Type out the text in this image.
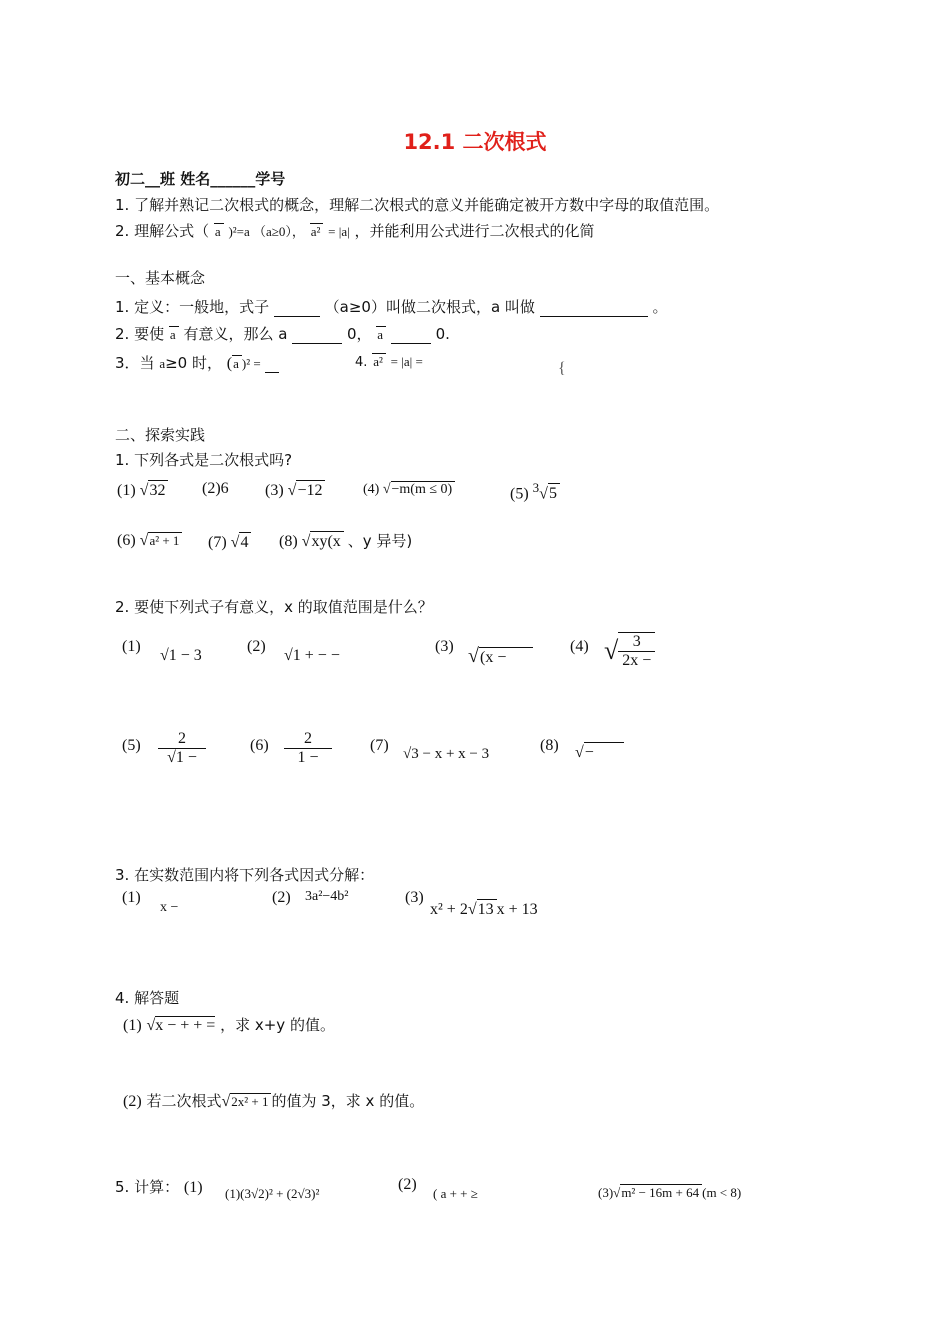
12.1 二次根式
初二__班 姓名______学号
1. 了解并熟记二次根式的概念，理解二次根式的意义并能确定被开方数中字母的取值范围。
2. 理解公式（ a )²=a （a≥0）， a² = |a| ，并能利用公式进行二次根式的化简
一、基本概念
1. 定义：一般地，式子	（a≥0）叫做二次根式，a 叫做	。
2. 要使 a 有意义，那么 a	0， a	0.
3．当 a≥0 时， (a )² =	4. a² = |a| =	{
二、探索实践
1. 下列各式是二次根式吗?
(1) √32 (2)6 (3) √−12	(4) √−m(m ≤ 0)	(5) $^3$√5
(6) √a² + 1 (7) √4 (8) √xy(x 、y 异号)
2. 要使下列式子有意义，x 的取值范围是什么？
(1)
√1 − 3
(2)
√1 + − −
(3) √(x −
(4) √ $\frac{3}{2x -}$
$(5) \frac{2}{√1 -}$	$(6) \frac{2}{1 -} (7) √3 - x + x - 3$	(8) √−
3. 在实数范围内将下列各式因式分解：
(1)
x −
(2) 3a²−4b²	(3)
x² + 2√13 x + 13
4. 解答题
(1) √x − + + = ，求 x+y 的值。
(2) 若二次根式√2x² + 1 的值为 3，求 x 的值。
5. 计算： (1) (1)(3√2)² + (2√3)²
(2)
( a + + ≥	(3)√m² − 16m + 64 (m < 8)
